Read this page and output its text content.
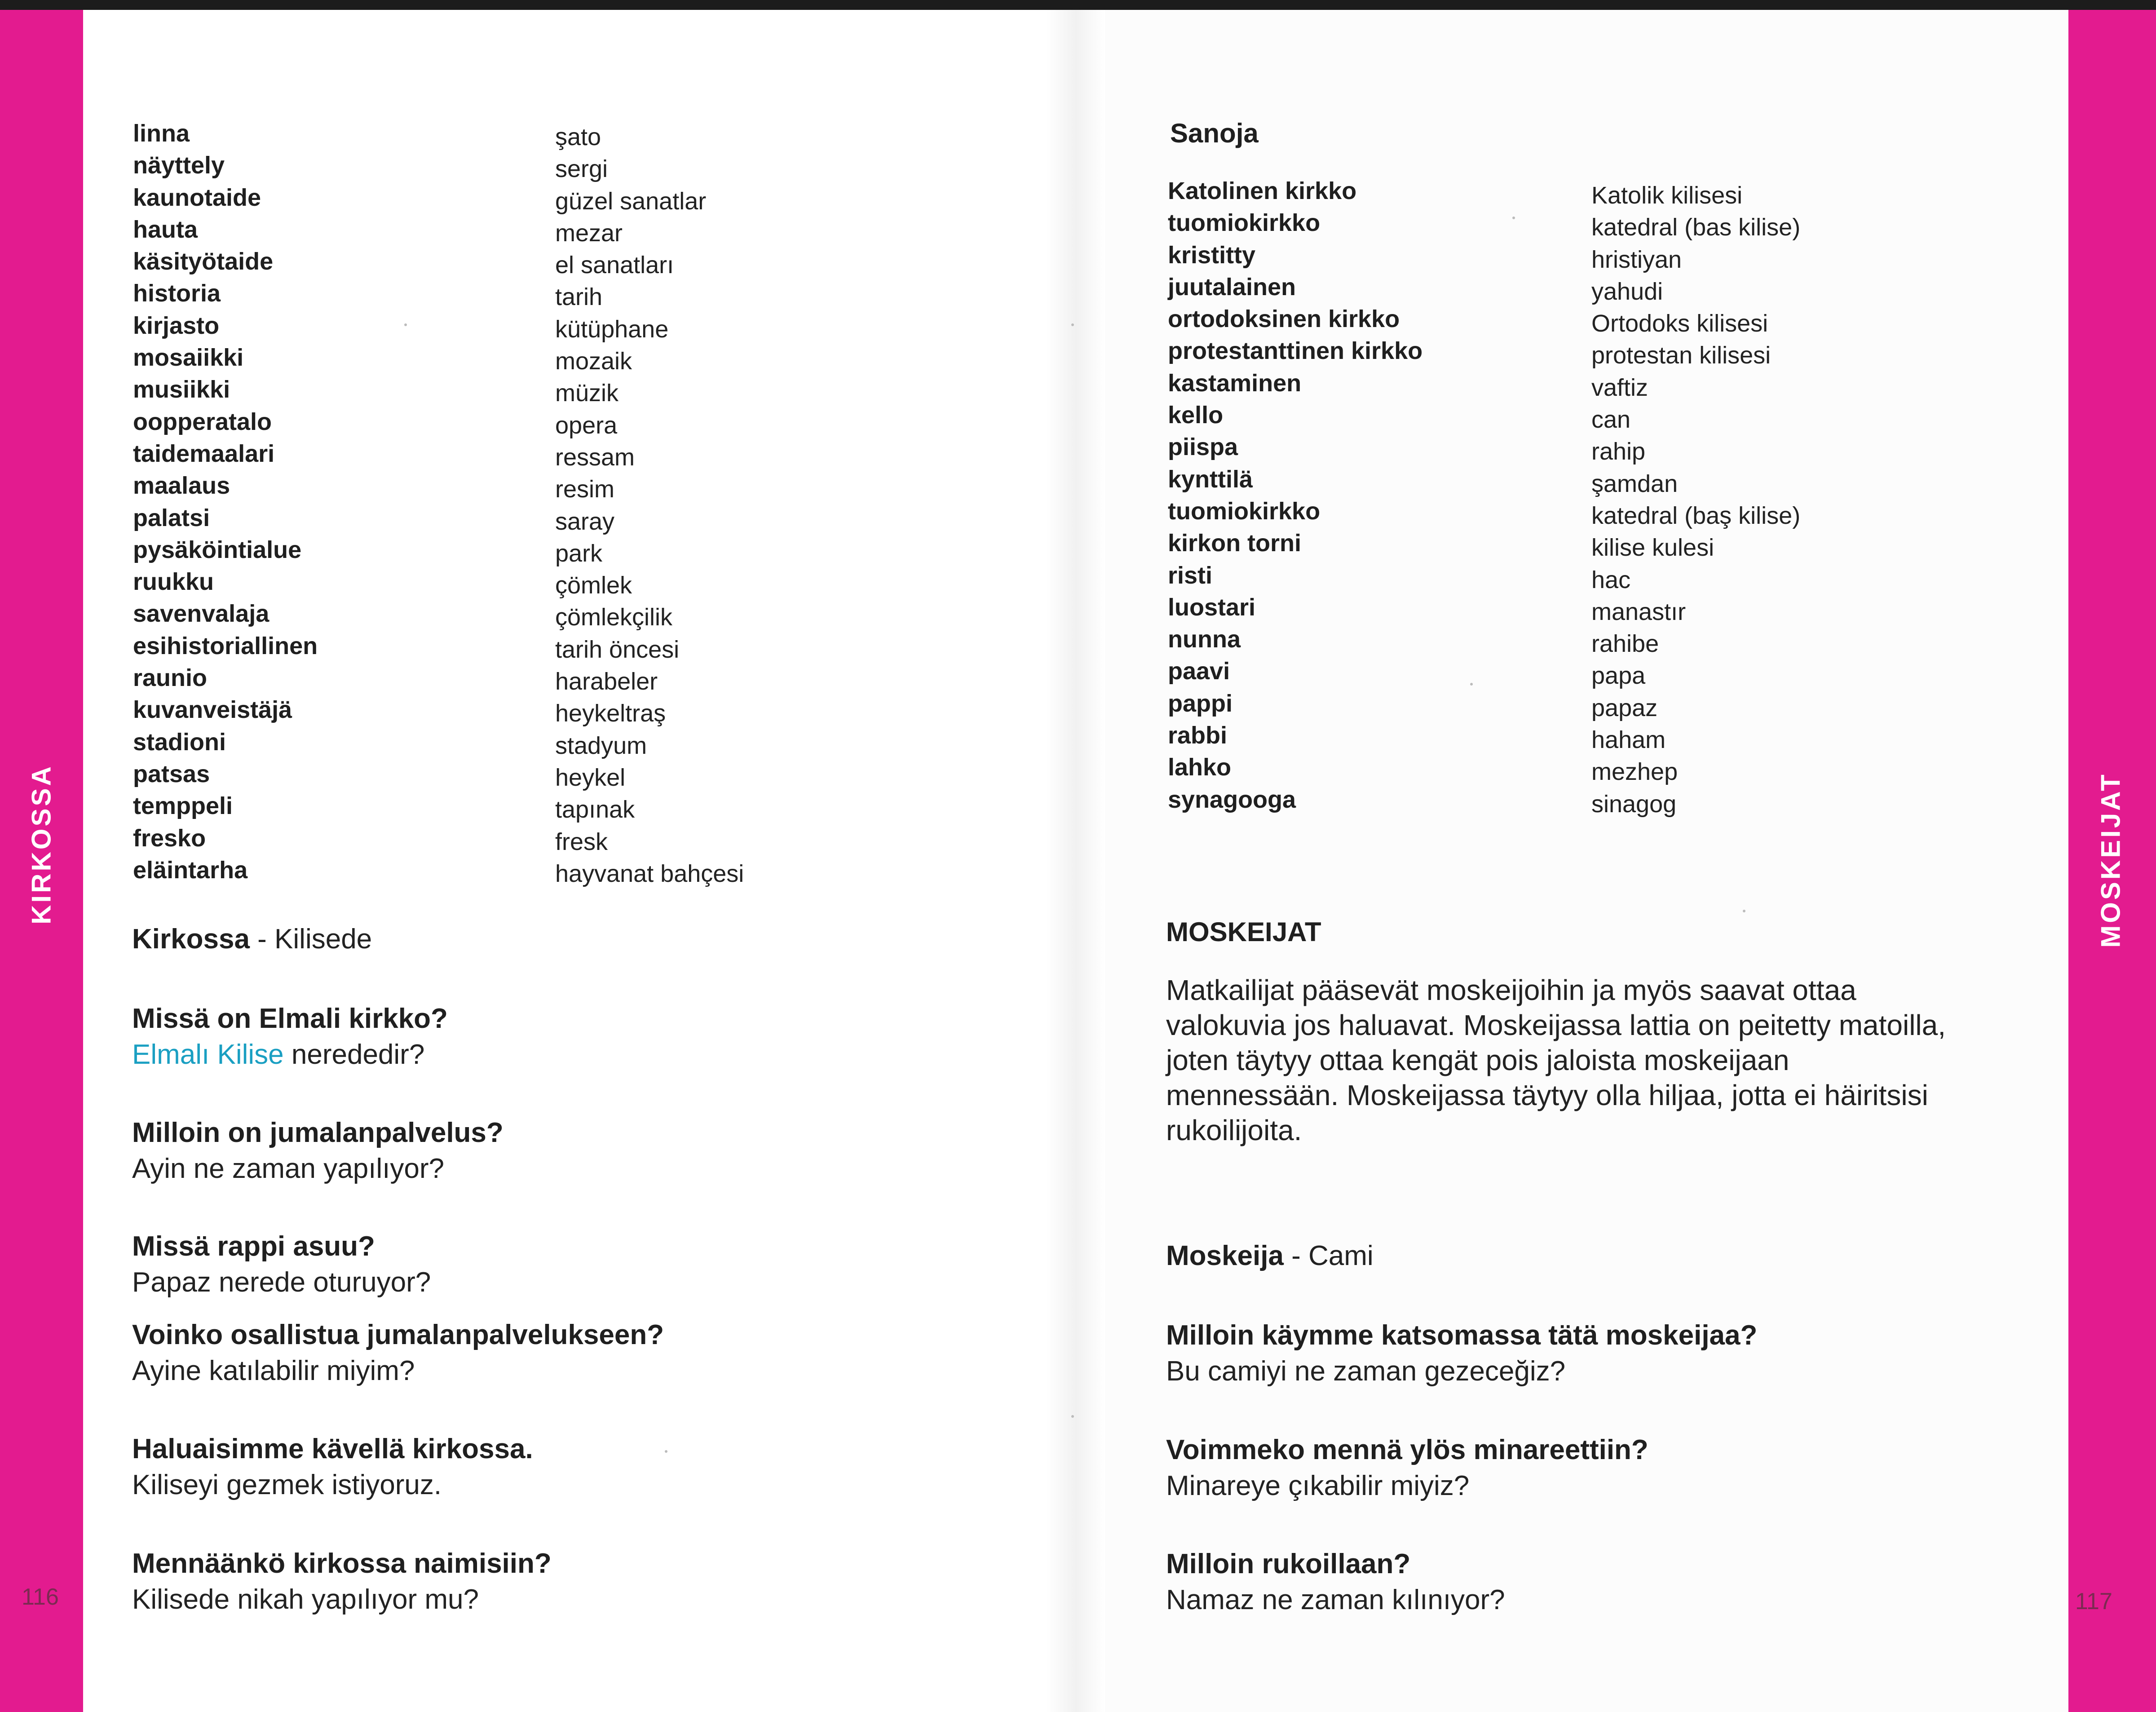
KIRKOSSA	MOSKEIJAT
116	117
linna
näyttely
kaunotaide
hauta
käsityötaide
historia
kirjasto
mosaiikki
musiikki
oopperatalo
taidemaalari
maalaus
palatsi
pysäköintialue
ruukku
savenvalaja
esihistoriallinen
raunio
kuvanveistäjä
stadioni
patsas
temppeli
fresko
eläintarha
şato
sergi
güzel sanatlar
mezar
el sanatları
tarih
kütüphane
mozaik
müzik
opera
ressam
resim
saray
park
çömlek
çömlekçilik
tarih öncesi
harabeler
heykeltraş
stadyum
heykel
tapınak
fresk
hayvanat bahçesi
Kirkossa - Kilisede
Missä on Elmali kirkko?
Elmalı Kilise nerededir?
Milloin on jumalanpalvelus?
Ayin ne zaman yapılıyor?
Missä rappi asuu?
Papaz nerede oturuyor?
Voinko osallistua jumalanpalvelukseen?
Ayine katılabilir miyim?
Haluaisimme kävellä kirkossa.
Kiliseyi gezmek istiyoruz.
Mennäänkö kirkossa naimisiin?
Kilisede nikah yapılıyor mu?
Sanoja
Katolinen kirkko
tuomiokirkko
kristitty
juutalainen
ortodoksinen kirkko
protestanttinen kirkko
kastaminen
kello
piispa
kynttilä
tuomiokirkko
kirkon torni
risti
luostari
nunna
paavi
pappi
rabbi
lahko
synagooga
Katolik kilisesi
katedral (bas kilise)
hristiyan
yahudi
Ortodoks kilisesi
protestan kilisesi
vaftiz
can
rahip
şamdan
katedral (baş kilise)
kilise kulesi
hac
manastır
rahibe
papa
papaz
haham
mezhep
sinagog
MOSKEIJAT
Matkailijat pääsevät moskeijoihin ja myös saavat ottaa
valokuvia jos haluavat. Moskeijassa lattia on peitetty matoilla,
joten täytyy ottaa kengät pois jaloista moskeijaan
mennessään. Moskeijassa täytyy olla hiljaa, jotta ei häiritsisi
rukoilijoita.
Moskeija - Cami
Milloin käymme katsomassa tätä moskeijaa?
Bu camiyi ne zaman gezeceğiz?
Voimmeko mennä ylös minareettiin?
Minareye çıkabilir miyiz?
Milloin rukoillaan?
Namaz ne zaman kılınıyor?
